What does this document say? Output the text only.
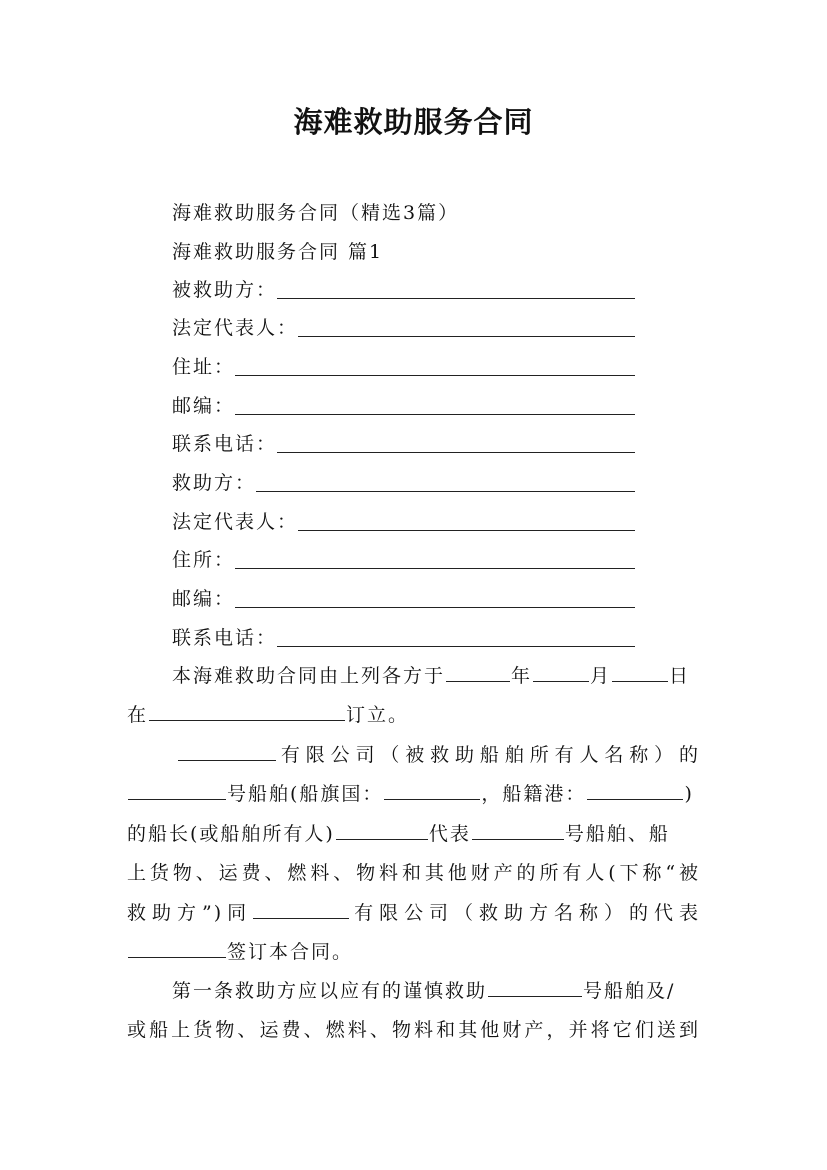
海难救助服务合同
海难救助服务合同（精选3篇）
海难救助服务合同 篇1
被救助方：
法定代表人：
住址：
邮编：
联系电话：
救助方：
法定代表人：
住所：
邮编：
联系电话：
本海难救助合同由上列各方于	年	月	日
在	订立。
有限公司（被救助船舶所有人名称）的
号船舶(船旗国：	，船籍港：	)
的船长(或船舶所有人)	代表	号船舶、船
上货物、运费、燃料、物料和其他财产的所有人(下称“被
救助方”)同	有限公司（救助方名称）的代表
签订本合同。
第一条救助方应以应有的谨慎救助	号船舶及/
或船上货物、运费、燃料、物料和其他财产，并将它们送到
